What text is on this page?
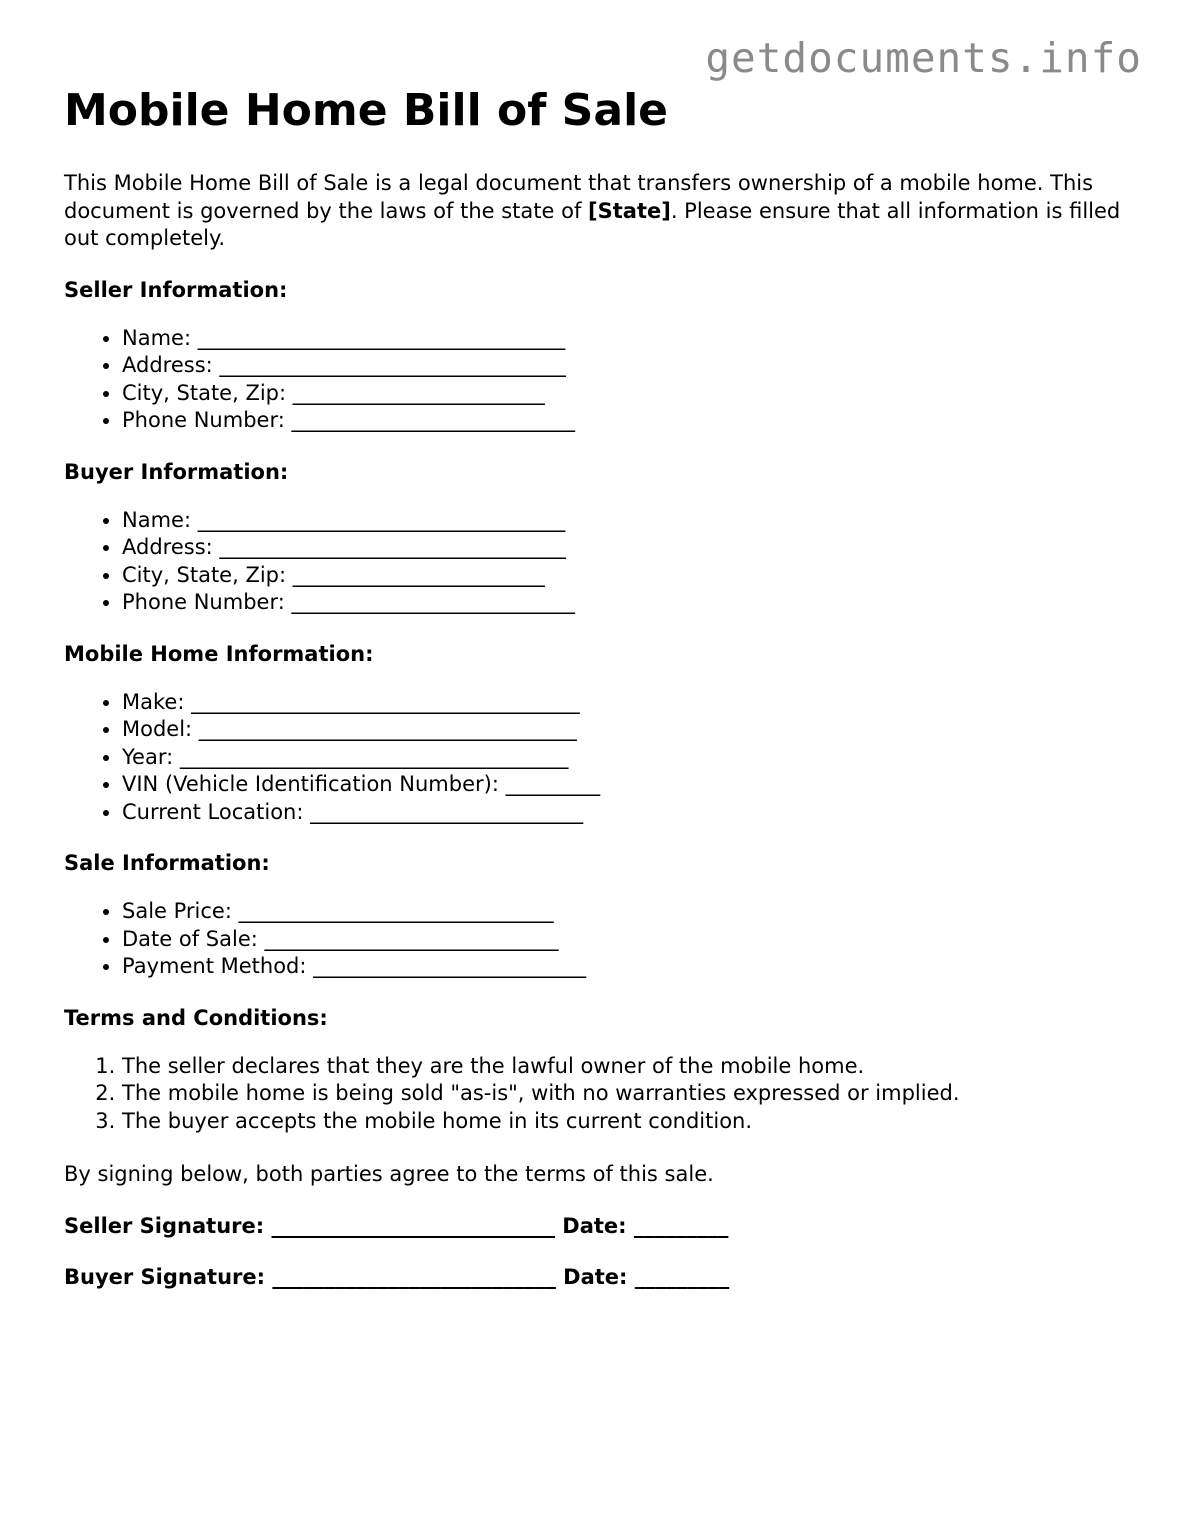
getdocuments.info
Mobile Home Bill of Sale

This Mobile Home Bill of Sale is a legal document that transfers ownership of a mobile home. This document is governed by the laws of the state of [State]. Please ensure that all information is filled out completely.

Seller Information:
• Name: ___________________________________
• Address: _________________________________
• City, State, Zip: ________________________
• Phone Number: ___________________________
Buyer Information:
• Name: ___________________________________
• Address: _________________________________
• City, State, Zip: ________________________
• Phone Number: ___________________________
Mobile Home Information:
• Make: _____________________________________
• Model: ____________________________________
• Year: _____________________________________
• VIN (Vehicle Identification Number): _________
• Current Location: __________________________
Sale Information:
• Sale Price: ______________________________
• Date of Sale: ____________________________
• Payment Method: __________________________
Terms and Conditions:
1. The seller declares that they are the lawful owner of the mobile home.
2. The mobile home is being sold "as-is", with no warranties expressed or implied.
3. The buyer accepts the mobile home in its current condition.

By signing below, both parties agree to the terms of this sale.

Seller Signature: ___________________________ Date: _________
Buyer Signature: ___________________________ Date: _________
